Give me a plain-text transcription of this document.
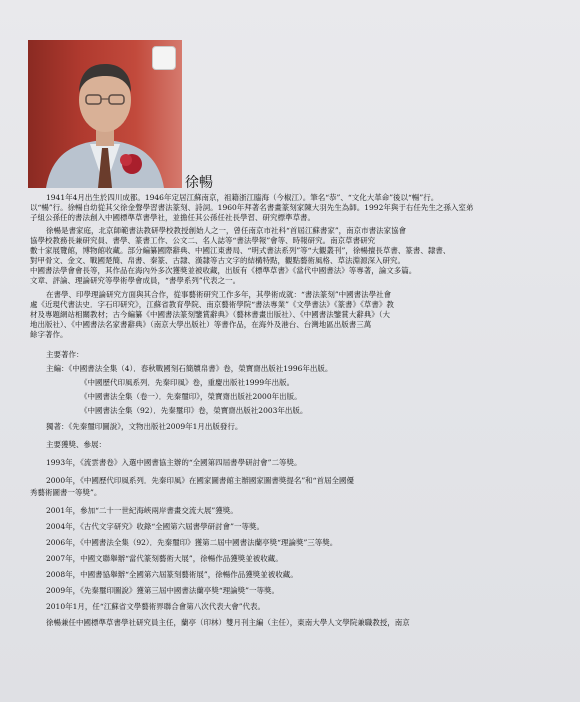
徐暢
1941年4月出生於四川成都。1946年定居江蘇南京，祖籍浙江臨海（今椒江）。筆名“恭”、“文化大革命”後以“暢”行。
以“暢”行。徐暢自幼從其父徐金聲學習書法篆刻、詩詞。1960年拜著名書畫篆刻家陳大羽先生為師。1992年與于右任先生之孫入室弟
子組公孫任的書法創入中國標準草書學社，並擔任其公孫任社長學習、研究標準草書。
徐暢是書家庭，北京師範書法教研學校教授創始人之一，曾任南京市社科“首屆江蘇書家”，南京市書法家協會
協學校教務長兼研究員、書學、篆書工作、公文二、名人誌等“書法學報”會等、時報研究。南京草書研究
數十家展覽館，博物館收藏。部分編纂國際辭典、中國江東書局、“明式書法系列”等“大觀叢刊”，徐暢擅長草書、篆書、隸書、
對甲骨文、金文、戰國楚簡、帛書、秦篆、古隸、漢隸等古文字的結構特點，觀點藝術風格、草法淵源深入研究。
中國書法學會會長等，其作品在海內外多次獲獎並被收藏，出版有《標準草書》《當代中國書法》等專著，論文多篇。
文章、評論、理論研究等學術學會成員，“書學系列”代表之一。
在書學、印學理論研究方面與其合作，從事藝術研究工作多年，其學術成就：“書法篆刻”中國書法學社會
處《近現代書法史．字石印研究》，江蘇省教育學院、南京藝術學院“書法專業”《文學書法》《篆書》《草書》教
材及專題網站相關教材；古今編纂《中國書法篆刻鑒賞辭典》（藝林書畫出版社）、《中國書法鑒賞大辭典》（大
地出版社）、《中國書法名家書辭典》（南京大學出版社）等書作品，在海外及港台、台灣地區出版書三萬
餘字著作。
主要著作：
主編：《中國書法全集（4）．春秋戰國刻石簡牘帛書》卷，榮寶齋出版社1996年出版。
《中國歷代印風系列．先秦印風》卷，重慶出版社1999年出版。
《中國書法全集（卷一）．先秦璽印》，榮寶齋出版社2000年出版。
《中國書法全集（92）．先秦璽印》卷，榮寶齋出版社2003年出版。
獨著：《先秦璽印圖說》，文物出版社2009年1月出版發行。
主要獲獎、參展：
1993年，《流雲書卷》入選中國書協主辦的“全國第四屆書學研討會”二等獎。
2000年，《中國歷代印風系列．先秦印風》在國家圖書館主辦國家圖書獎提名”和“首屆全國優
秀藝術圖書一等獎”。
2001年，參加“二十一世紀海峽兩岸書畫交流大展”獲獎。
2004年，《古代文字研究》收錄“全國第六屆書學研討會”一等獎。
2006年，《中國書法全集（92）．先秦璽印》獲第二屆中國書法蘭亭獎“理論獎”三等獎。
2007年，中國文聯舉辦“當代篆刻藝術大展”，徐暢作品獲獎並被收藏。
2008年，中國書協舉辦“全國第六屆篆刻藝術展”，徐暢作品獲獎並被收藏。
2009年，《先秦璽印圖說》獲第三屆中國書法蘭亭獎“理論獎”一等獎。
2010年1月，任“江蘇省文學藝術界聯合會第八次代表大會”代表。
徐暢兼任中國標準草書學社研究員主任，蘭亭（印林）雙月刊主編（主任），東南大學人文學院兼職教授，南京
